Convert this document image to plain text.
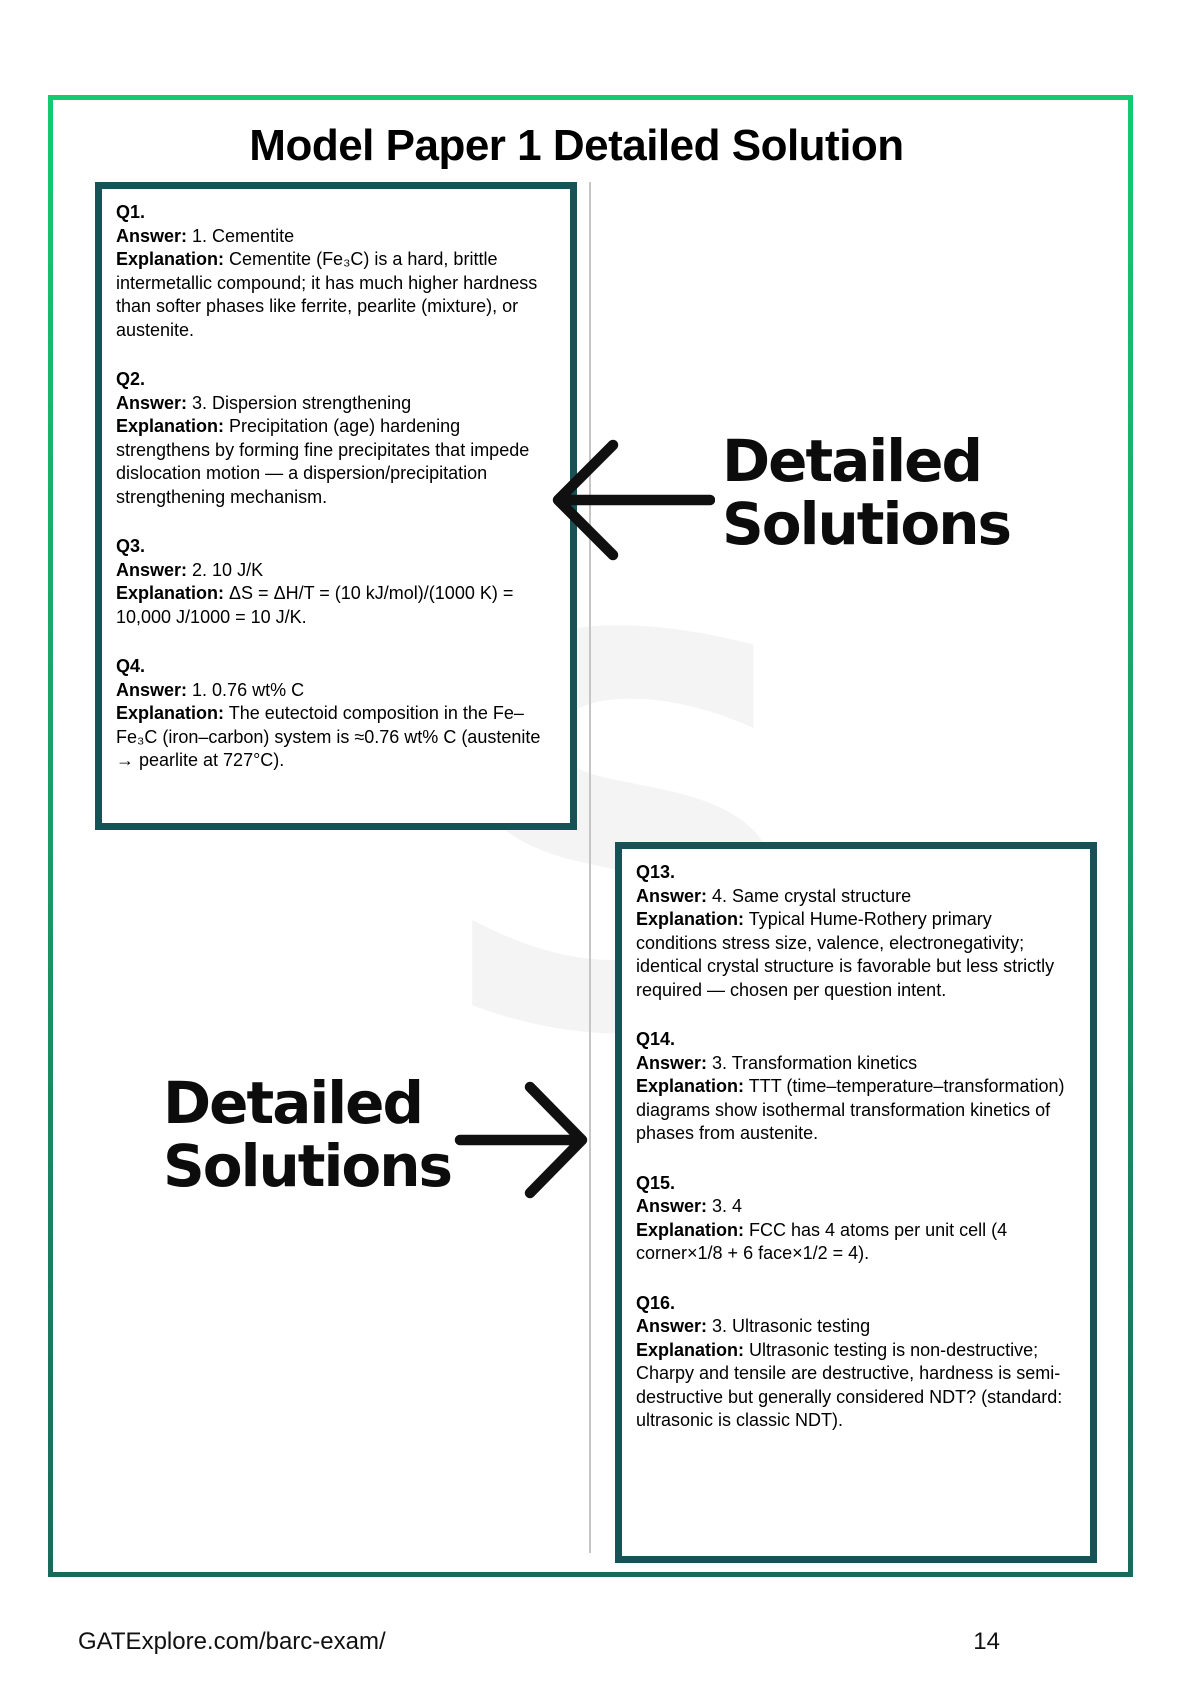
Model Paper 1 Detailed Solution
Q1.
Answer: 1. Cementite
Explanation: Cementite (Fe₃C) is a hard, brittle intermetallic compound; it has much higher hardness than softer phases like ferrite, pearlite (mixture), or austenite.
Q2.
Answer: 3. Dispersion strengthening
Explanation: Precipitation (age) hardening strengthens by forming fine precipitates that impede dislocation motion — a dispersion/precipitation strengthening mechanism.
Q3.
Answer: 2. 10 J/K
Explanation: ΔS = ΔH/T = (10 kJ/mol)/(1000 K) = 10,000 J/1000 = 10 J/K.
Q4.
Answer: 1. 0.76 wt% C
Explanation: The eutectoid composition in the Fe–Fe₃C (iron–carbon) system is ≈0.76 wt% C (austenite → pearlite at 727°C).
Q13.
Answer: 4. Same crystal structure
Explanation: Typical Hume-Rothery primary conditions stress size, valence, electronegativity; identical crystal structure is favorable but less strictly required — chosen per question intent.
Q14.
Answer: 3. Transformation kinetics
Explanation: TTT (time–temperature–transformation) diagrams show isothermal transformation kinetics of phases from austenite.
Q15.
Answer: 3. 4
Explanation: FCC has 4 atoms per unit cell (4 corner×1/8 + 6 face×1/2 = 4).
Q16.
Answer: 3. Ultrasonic testing
Explanation: Ultrasonic testing is non-destructive; Charpy and tensile are destructive, hardness is semi-destructive but generally considered NDT? (standard: ultrasonic is classic NDT).
Detailed
Solutions
Detailed
Solutions
GATExplore.com/barc-exam/	14
